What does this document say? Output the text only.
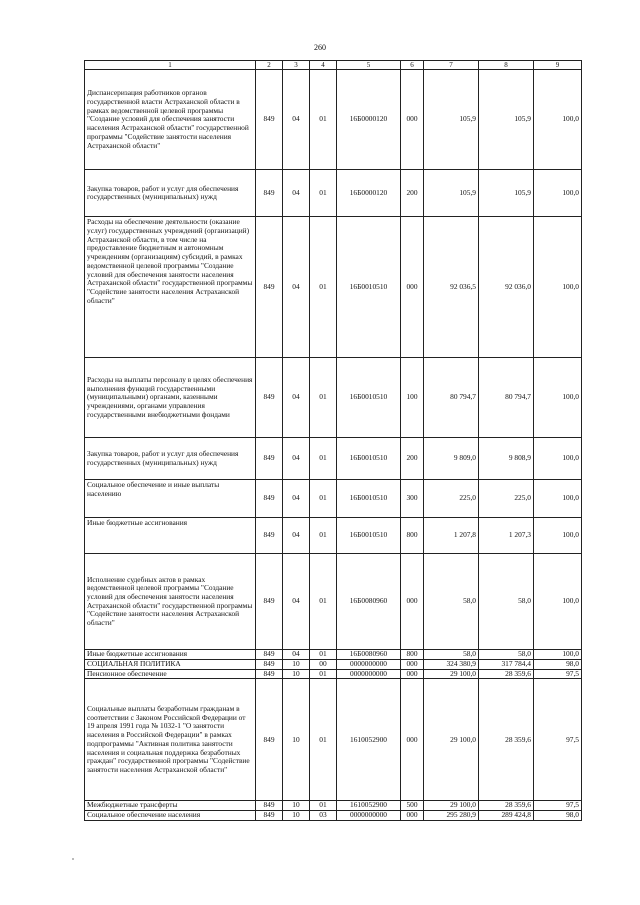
260
1	2	3	4	5	6	7	8	9
Диспансеризация работников органов государственной власти Астраханской области в рамках ведомственной целевой программы "Создание условий для обеспечения занятости населения Астраханской области" государственной программы "Содействие занятости населения Астраханской области"	849	04	01	16Б0000120	000	105,9	105,9	100,0
Закупка товаров, работ и услуг для обеспечения государственных (муниципальных) нужд	849	04	01	16Б0000120	200	105,9	105,9	100,0
Расходы на обеспечение деятельности (оказание услуг) государственных учреждений (организаций) Астраханской области, в том числе на предоставление бюджетным и автономным учреждениям (организациям) субсидий, в рамках ведомственной целевой программы "Создание условий для обеспечения занятости населения Астраханской области" государственной программы "Содействие занятости населения Астраханской области"	849	04	01	16Б0010510	000	92 036,5	92 036,0	100,0
Расходы на выплаты персоналу в целях обеспечения выполнения функций государственными (муниципальными) органами, казенными учреждениями, органами управления государственными внебюджетными фондами	849	04	01	16Б0010510	100	80 794,7	80 794,7	100,0
Закупка товаров, работ и услуг для обеспечения государственных (муниципальных) нужд	849	04	01	16Б0010510	200	9 809,0	9 808,9	100,0
Социальное обеспечение и иные выплаты населению	849	04	01	16Б0010510	300	225,0	225,0	100,0
Иные бюджетные ассигнования	849	04	01	16Б0010510	800	1 207,8	1 207,3	100,0
Исполнение судебных актов в рамках ведомственной целевой программы "Создание условий для обеспечения занятости населения Астраханской области" государственной программы "Содействие занятости населения Астраханской области"	849	04	01	16Б0080960	000	58,0	58,0	100,0
Иные бюджетные ассигнования	849	04	01	16Б0080960	800	58,0	58,0	100,0
СОЦИАЛЬНАЯ ПОЛИТИКА	849	10	00	0000000000	000	324 380,9	317 784,4	98,0
Пенсионное обеспечение	849	10	01	0000000000	000	29 100,0	28 359,6	97,5
Социальные выплаты безработным гражданам в соответствии с Законом Российской Федерации от 19 апреля 1991 года № 1032-1 "О занятости населения в Российской Федерации" в рамках подпрограммы "Активная политика занятости населения и социальная поддержка безработных граждан" государственной программы "Содействие занятости населения Астраханской области"	849	10	01	1610052900	000	29 100,0	28 359,6	97,5
Межбюджетные трансферты	849	10	01	1610052900	500	29 100,0	28 359,6	97,5
Социальное обеспечение населения	849	10	03	0000000000	000	295 280,9	289 424,8	98,0
